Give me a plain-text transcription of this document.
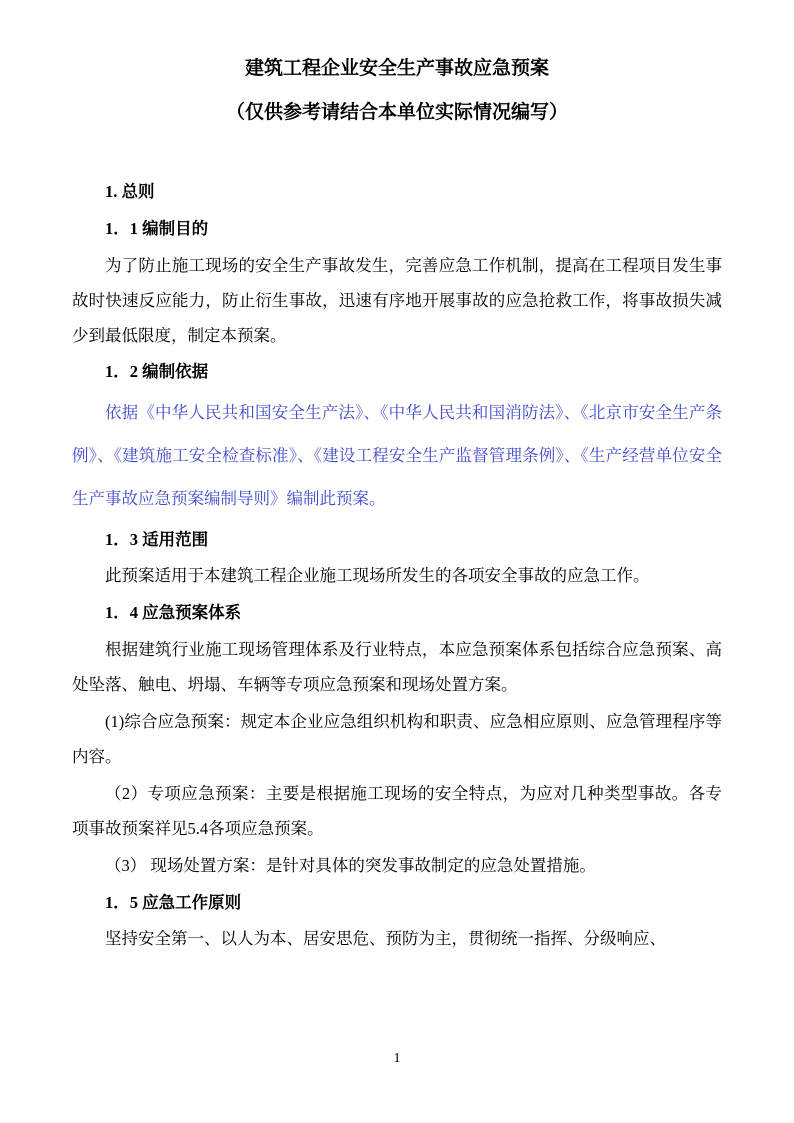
建筑工程企业安全生产事故应急预案
（仅供参考请结合本单位实际情况编写）

1. 总则

1．1 编制目的

为了防止施工现场的安全生产事故发生，完善应急工作机制，提高在工程项目发生事故时快速反应能力，防止衍生事故，迅速有序地开展事故的应急抢救工作，将事故损失减少到最低限度，制定本预案。

1．2 编制依据

依据《中华人民共和国安全生产法》、《中华人民共和国消防法》、《北京市安全生产条例》、《建筑施工安全检查标准》、《建设工程安全生产监督管理条例》、《生产经营单位安全生产事故应急预案编制导则》编制此预案。

1．3 适用范围

此预案适用于本建筑工程企业施工现场所发生的各项安全事故的应急工作。

1．4 应急预案体系

根据建筑行业施工现场管理体系及行业特点，本应急预案体系包括综合应急预案、高处坠落、触电、坍塌、车辆等专项应急预案和现场处置方案。

(1)综合应急预案：规定本企业应急组织机构和职责、应急相应原则、应急管理程序等内容。

（2）专项应急预案：主要是根据施工现场的安全特点，为应对几种类型事故。各专项事故预案祥见5.4各项应急预案。

（3） 现场处置方案：是针对具体的突发事故制定的应急处置措施。

1．5 应急工作原则

坚持安全第一、以人为本、居安思危、预防为主，贯彻统一指挥、分级响应、

1
